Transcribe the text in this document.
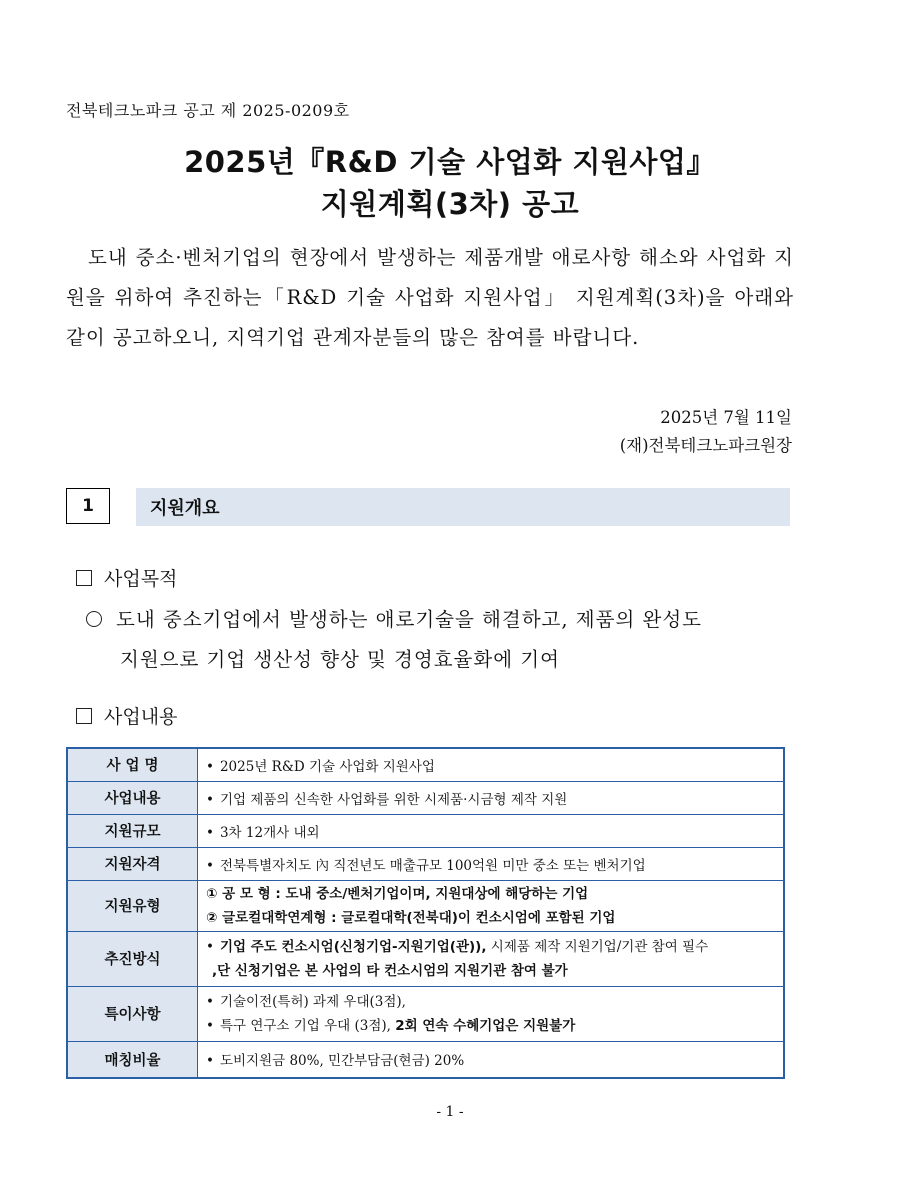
전북테크노파크 공고 제 2025-0209호
2025년『R&D 기술 사업화 지원사업』
지원계획(3차) 공고
도내 중소·벤처기업의 현장에서 발생하는 제품개발 애로사항 해소와 사업화 지원을 위하여 추진하는「R&D 기술 사업화 지원사업」 지원계획(3차)을 아래와 같이 공고하오니, 지역기업 관계자분들의 많은 참여를 바랍니다.
2025년 7월 11일
(재)전북테크노파크원장
1	지원개요
사업목적
도내 중소기업에서 발생하는 애로기술을 해결하고, 제품의 완성도
지원으로 기업 생산성 향상 및 경영효율화에 기여
사업내용
사 업 명	• 2025년 R&D 기술 사업화 지원사업
사업내용	• 기업 제품의 신속한 사업화를 위한 시제품·시금형 제작 지원
지원규모	• 3차 12개사 내외
지원자격	• 전북특별자치도 內 직전년도 매출규모 100억원 미만 중소 또는 벤처기업
지원유형	① 공 모 형 : 도내 중소/벤처기업이며, 지원대상에 해당하는 기업
② 글로컬대학연계형 : 글로컬대학(전북대)이 컨소시엄에 포함된 기업

추진방식	• 기업 주도 컨소시엄(신청기업-지원기업(관)), 시제품 제작 지원기업/기관 참여 필수
,단 신청기업은 본 사업의 타 컨소시엄의 지원기관 참여 불가

특이사항	• 기술이전(특허) 과제 우대(3점),
• 특구 연구소 기업 우대 (3점), 2회 연속 수혜기업은 지원불가

매칭비율	• 도비지원금 80%, 민간부담금(현금) 20%
- 1 -
